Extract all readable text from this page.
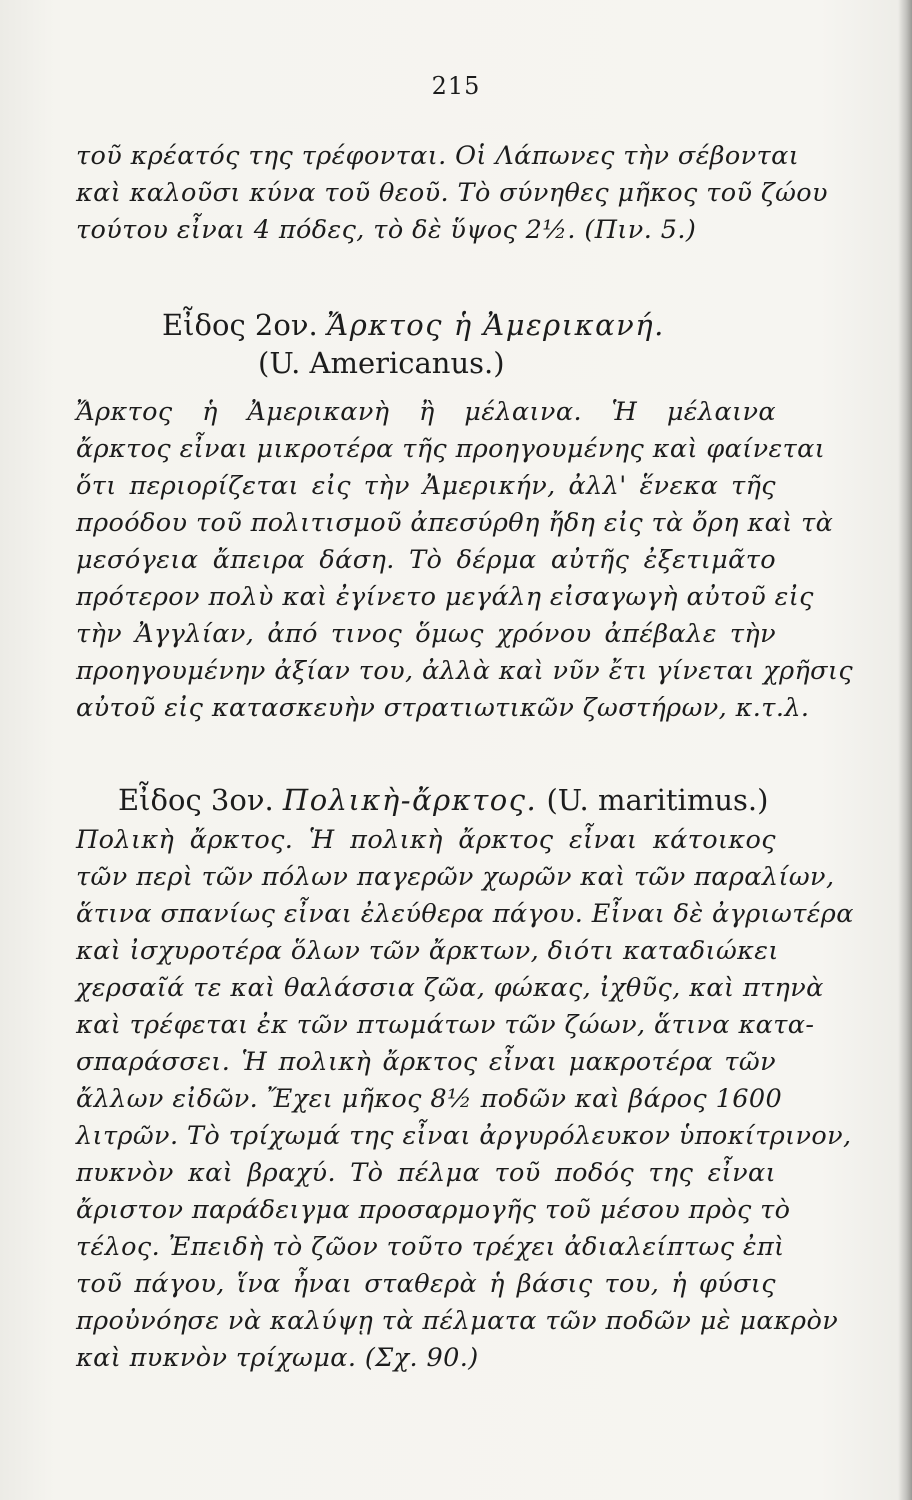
215
τοῦ κρέατός της τρέφονται. Οἱ Λάπωνες τὴν σέβονται
καὶ καλοῦσι κύνα τοῦ θεοῦ. Τὸ σύνηθες μῆκος τοῦ ζώου
τούτου εἶναι 4 πόδες, τὸ δὲ ὕψος 2½. (Πιν. 5.)
Εἶδος 2ον. Ἄρκτος ἡ Ἀμερικανή.
(U. Americanus.)
Ἄρκτος ἡ Ἀμερικανὴ ἢ μέλαινα. Ἡ μέλαινα
ἄρκτος εἶναι μικροτέρα τῆς προηγουμένης καὶ φαίνεται
ὅτι περιορίζεται εἰς τὴν Ἀμερικήν, ἀλλ' ἕνεκα τῆς
προόδου τοῦ πολιτισμοῦ ἀπεσύρθη ἤδη εἰς τὰ ὄρη καὶ τὰ
μεσόγεια ἄπειρα δάση. Τὸ δέρμα αὐτῆς ἐξετιμᾶτο
πρότερον πολὺ καὶ ἐγίνετο μεγάλη εἰσαγωγὴ αὐτοῦ εἰς
τὴν Ἀγγλίαν, ἀπό τινος ὅμως χρόνου ἀπέβαλε τὴν
προηγουμένην ἀξίαν του, ἀλλὰ καὶ νῦν ἔτι γίνεται χρῆσις
αὐτοῦ εἰς κατασκευὴν στρατιωτικῶν ζωστήρων, κ.τ.λ.
Εἶδος 3ον. Πολικὴ-ἄρκτος. (U. maritimus.)
Πολικὴ ἄρκτος. Ἡ πολικὴ ἄρκτος εἶναι κάτοικος
τῶν περὶ τῶν πόλων παγερῶν χωρῶν καὶ τῶν παραλίων,
ἅτινα σπανίως εἶναι ἐλεύθερα πάγου. Εἶναι δὲ ἀγριωτέρα
καὶ ἰσχυροτέρα ὅλων τῶν ἄρκτων, διότι καταδιώκει
χερσαῖά τε καὶ θαλάσσια ζῶα, φώκας, ἰχθῦς, καὶ πτηνὰ
καὶ τρέφεται ἐκ τῶν πτωμάτων τῶν ζώων, ἅτινα κατα-
σπαράσσει. Ἡ πολικὴ ἄρκτος εἶναι μακροτέρα τῶν
ἄλλων εἰδῶν. Ἔχει μῆκος 8½ ποδῶν καὶ βάρος 1600
λιτρῶν. Τὸ τρίχωμά της εἶναι ἀργυρόλευκον ὑποκίτρινον,
πυκνὸν καὶ βραχύ. Τὸ πέλμα τοῦ ποδός της εἶναι
ἄριστον παράδειγμα προσαρμογῆς τοῦ μέσου πρὸς τὸ
τέλος. Ἐπειδὴ τὸ ζῶον τοῦτο τρέχει ἀδιαλείπτως ἐπὶ
τοῦ πάγου, ἵνα ἦναι σταθερὰ ἡ βάσις του, ἡ φύσις
προὐνόησε νὰ καλύψῃ τὰ πέλματα τῶν ποδῶν μὲ μακρὸν
καὶ πυκνὸν τρίχωμα. (Σχ. 90.)
